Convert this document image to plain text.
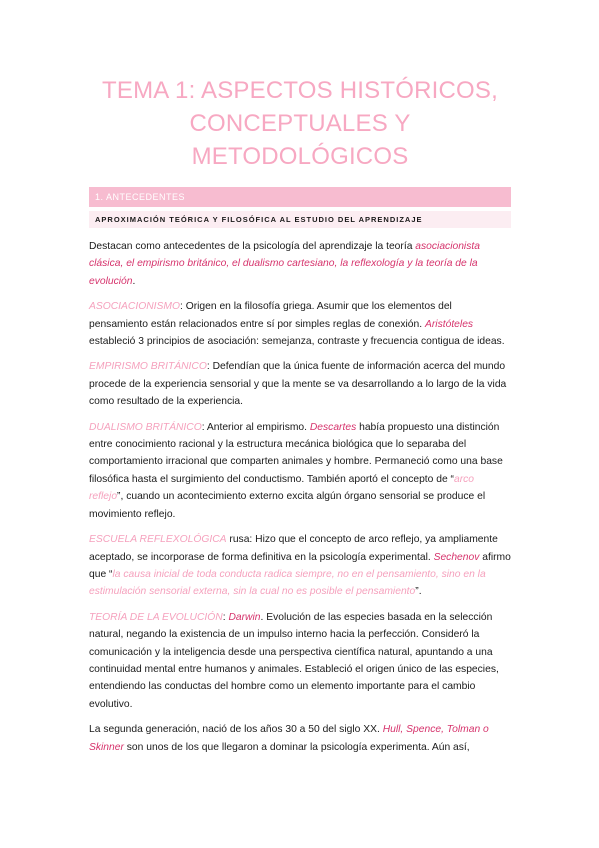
TEMA 1: ASPECTOS HISTÓRICOS,
CONCEPTUALES Y METODOLÓGICOS
1. ANTECEDENTES
APROXIMACIÓN TEÓRICA Y FILOSÓFICA AL ESTUDIO DEL APRENDIZAJE

Destacan como antecedentes de la psicología del aprendizaje la teoría asociacionista clásica, el empirismo británico, el dualismo cartesiano, la reflexología y la teoría de la evolución.

ASOCIACIONISMO: Origen en la filosofía griega. Asumir que los elementos del pensamiento están relacionados entre sí por simples reglas de conexión. Aristóteles estableció 3 principios de asociación: semejanza, contraste y frecuencia contigua de ideas.

EMPIRISMO BRITÁNICO: Defendían que la única fuente de información acerca del mundo procede de la experiencia sensorial y que la mente se va desarrollando a lo largo de la vida como resultado de la experiencia.

DUALISMO BRITÁNICO: Anterior al empirismo. Descartes había propuesto una distinción entre conocimiento racional y la estructura mecánica biológica que lo separaba del comportamiento irracional que comparten animales y hombre. Permaneció como una base filosófica hasta el surgimiento del conductismo. También aportó el concepto de “arco reflejo”, cuando un acontecimiento externo excita algún órgano sensorial se produce el movimiento reflejo.

ESCUELA REFLEXOLÓGICA rusa: Hizo que el concepto de arco reflejo, ya ampliamente aceptado, se incorporase de forma definitiva en la psicología experimental. Sechenov afirmo que “la causa inicial de toda conducta radica siempre, no en el pensamiento, sino en la estimulación sensorial externa, sin la cual no es posible el pensamiento”.

TEORÍA DE LA EVOLUCIÓN: Darwin. Evolución de las especies basada en la selección natural, negando la existencia de un impulso interno hacia la perfección. Consideró la comunicación y la inteligencia desde una perspectiva científica natural, apuntando a una continuidad mental entre humanos y animales. Estableció el origen único de las especies, entendiendo las conductas del hombre como un elemento importante para el cambio evolutivo.

La segunda generación, nació de los años 30 a 50 del siglo XX. Hull, Spence, Tolman o Skinner son unos de los que llegaron a dominar la psicología experimenta. Aún así,
